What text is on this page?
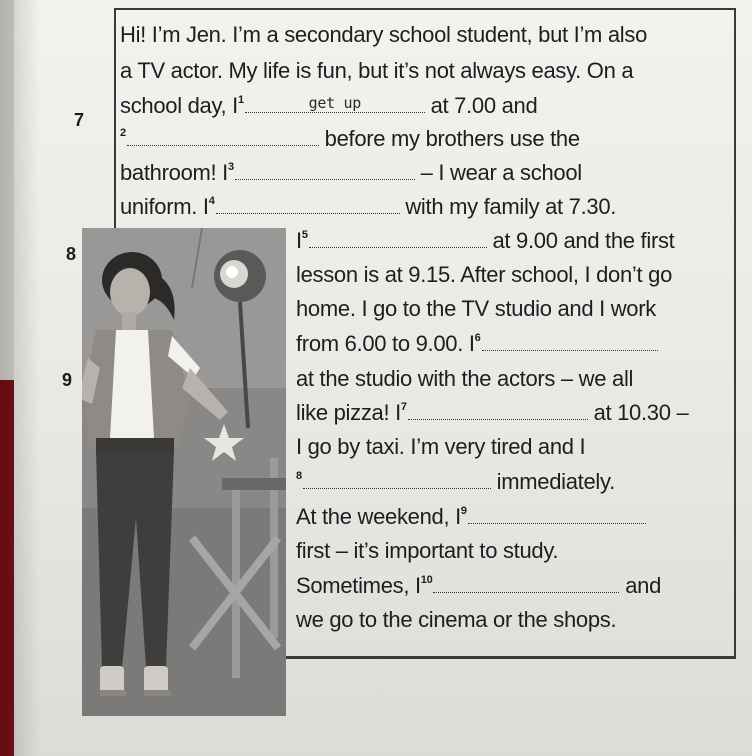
7
8
9
Hi! I’m Jen. I’m a secondary school student, but I’m also
a TV actor. My life is fun, but it’s not always easy. On a
school day, $I^1$	get up	at 7.00 and
$^2$	before my brothers use the
bathroom! $I^3$	– I wear a school
uniform. $I^4$	with my family at 7.30.
$I^5$	at 9.00 and the first
lesson is at 9.15. After school, I don’t go
home. I go to the TV studio and I work
from 6.00 to 9.00. $I^6$
at the studio with the actors – we all
like pizza! $I^7$	at 10.30 –
I go by taxi. I’m very tired and I
$^8$	immediately.
At the weekend, $I^9$
first – it’s important to study.
Sometimes, $I^{10}$	and
we go to the cinema or the shops.
